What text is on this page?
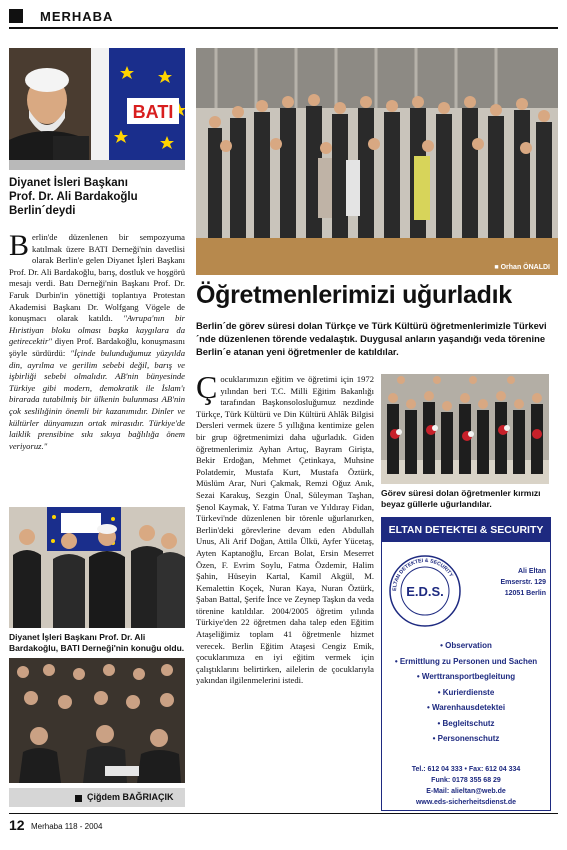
MERHABA
BATI
Diyanet İsleri Başkanı
Prof. Dr. Ali Bardakoğlu
Berlin´deydi
Berlin'de düzenlenen bir sempozyuma katılmak üzere BATI Derneği'nin davetlisi olarak Berlin'e gelen Diyanet İşleri Başkanı Prof. Dr. Ali Bardakoğlu, barış, dostluk ve hoşgörü mesajı verdi. Batı Derneği'nin Başkanı Prof. Dr. Faruk Durbin'in yönettiği toplantıya Protestan Akademisi Başkanı Dr. Wolfgang Vögele de konuşmacı olarak katıldı. "Avrupa'nın bir Hıristiyan bloku olması başka kaygılara da getirecektir" diyen Prof. Bardakoğlu, konuşmasını şöyle sürdürdü: "İçinde bulunduğumuz yüzyılda din, ayrılma ve gerilim sebebi değil, barış ve işbirliği sebebi olmalıdır. AB'nin bünyesinde Türkiye gibi modern, demokratik ile İslam'ı birarada tutabilmiş bir ülkenin bulunması AB'nin çok seslilığinin önemli bir kazanımıdır. Dinler ve kültürler dünyamızın ortak mirasıdır. Türkiye'de laiklik prensibine sıkı sıkıya bağlılığa önem veriyoruz."
Diyanet İşleri Başkanı Prof. Dr. Ali Bardakoğlu, BATI Derneği'nin konuğu oldu.
Çiğdem BAĞRIAÇIK
■ Orhan ÖNALDI
Öğretmenlerimizi uğurladık
Berlin´de görev süresi dolan Türkçe ve Türk Kültürü öğretmenlerimizle Türkevi´nde düzenlenen törende vedalaştık. Duygusal anların yaşandığı veda törenine Berlin´e atanan yeni öğretmenler de katıldılar.
Çocuklarımızın eğitim ve öğretimi için 1972 yılından beri T.C. Milli Eğitim Bakanlığı tarafından Başkonsolosluğumuz nezdinde Türkçe, Türk Kültürü ve Din Kültürü Ahlâk Bilgisi Dersleri vermek üzere 5 yıllığına kentimize gelen bir grup öğretmenimizi daha uğurladık. Giden öğretmenlerimiz Ayhan Artuç, Bayram Girişta, Bekir Erdoğan, Mehmet Çetinkaya, Muhsine Polatdemir, Mustafa Kurt, Mustafa Öztürk, Müslüm Arar, Nuri Çakmak, Remzi Oğuz Anık, Sezai Karakuş, Sezgin Ünal, Süleyman Taşhan, Şenol Kaymak, Y. Fatma Turan ve Yıldıray Fidan, Türkevi'nde düzenlenen bir törenle uğurlanırken, Berlin'deki görevlerine devam eden Abdullah Unus, Ali Arif Doğan, Attila Ülkü, Ayfer Yücetaş, Ayten Kaptanoğlu, Ercan Bolat, Ersin Meserret Özen, F. Evrim Soylu, Fatma Özdemir, Halim Şahin, Hüseyin Kartal, Kamil Akgül, M. Kemalettin Koçek, Nuran Kaya, Nuran Öztürk, Şaban Battal, Şerife İnce ve Zeynep Taşkın da veda törenine katıldılar. 2004/2005 öğretim yılında Türkiye'den 22 öğretmen daha talep eden Eğitim Ataşeliğimiz toplam 41 öğretmenle hizmet verecek. Berlin Eğitim Ataşesi Cengiz Emik, çocuklarımıza en iyi eğitim vermek için çalıştıklarını belirtirken, ailelerin de çocuklarıyla yakından ilgilenmelerini istedi.
Görev süresi dolan öğretmenler kırmızı beyaz güllerle uğurlandılar.
ELTAN DETEKTEI & SECURITY
ELTAN DETEKTEI & SECURITY
E.D.S.
Ali Eltan
Emserstr. 129
12051 Berlin
• Observation
• Ermittlung zu Personen und Sachen
• Werttransportbegleitung
• Kurierdienste
• Warenhausdetektei
• Begleitschutz
• Personenschutz
Tel.: 612 04 333 • Fax: 612 04 334
Funk: 0178 355 68 29
E-Mail: alieltan@web.de
www.eds-sicherheitsdienst.de
12 Merhaba 118 - 2004
